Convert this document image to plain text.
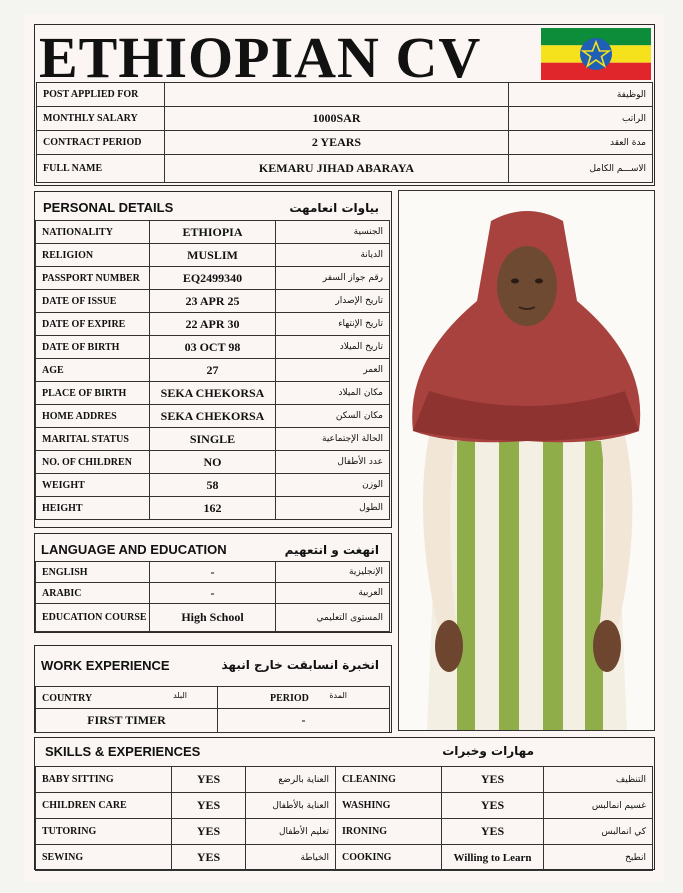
ETHIOPIAN CV
POST APPLIED FOR		الوظيفة
MONTHLY SALARY	1000SAR	الراتب
CONTRACT PERIOD	2 YEARS	مدة العقد
FULL NAME	KEMARU JIHAD ABARAYA	الاســـم الكامل
PERSONAL DETAILS	بياوات انعامهت
NATIONALITY	ETHIOPIA	الجنسية
RELIGION	MUSLIM	الديانة
PASSPORT NUMBER	EQ2499340	رقم جواز السفر
DATE OF ISSUE	23 APR 25	تاريخ الإصدار
DATE OF EXPIRE	22 APR 30	تاريخ الإنتهاء
DATE OF BIRTH	03 OCT 98	تاريخ الميلاد
AGE	27	العمر
PLACE OF BIRTH	SEKA CHEKORSA	مكان الميلاد
HOME ADDRES	SEKA CHEKORSA	مكان السكن
MARITAL STATUS	SINGLE	الحالة الإجتماعية
NO. OF CHILDREN	NO	عدد الأطفال
WEIGHT	58	الوزن
HEIGHT	162	الطول
LANGUAGE AND EDUCATION	انهغت و انتعهيم
ENGLISH	-	الإنجليزية
ARABIC	-	العربية
EDUCATION COURSE	High School	المستوى التعليمي
WORK EXPERIENCE	انخبرة انسابقت خارج انبهذ
COUNTRY البلد	PERIOD المدة

FIRST TIMER	-
SKILLS & EXPERIENCES	مهارات وخبرات
BABY SITTING	YES	العناية بالرضع	CLEANING	YES	التنظيف
CHILDREN CARE	YES	العناية بالأطفال	WASHING	YES	غسيم انمالبس
TUTORING	YES	تعليم الأطفال	IRONING	YES	كي انمالبس
SEWING	YES	الخياطة	COOKING	Willing to Learn	انطبخ
